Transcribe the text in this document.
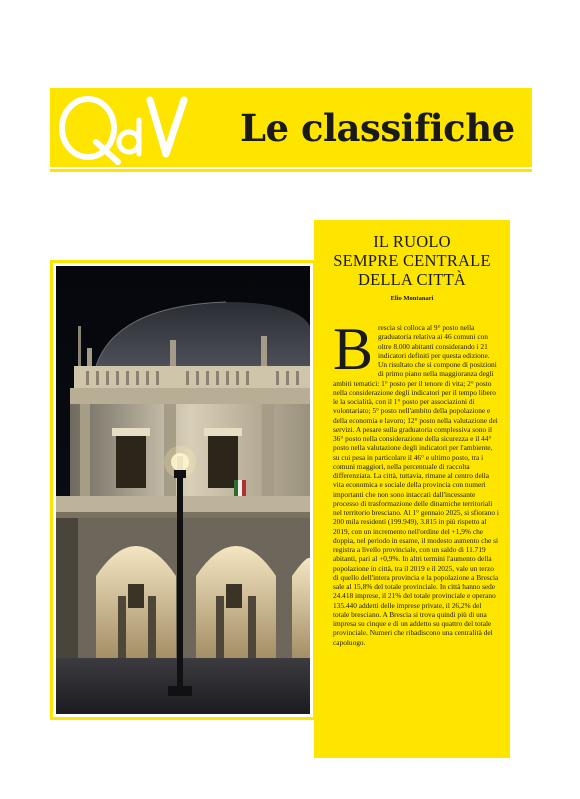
Le classifiche
IL RUOLO
SEMPRE CENTRALE
DELLA CITTÀ
Elio Montanari
B rescia si colloca al 9° posto nella graduatoria relativa ai 46 comuni con oltre 8.000 abitanti considerando i 21 indicatori definiti per questa edizione. Un risultato che si compone di posizioni di primo piano nella maggioranza degli ambiti tematici: 1° posto per il tenore di vita; 2° posto nella considerazione degli indicatori per il tempo libero le la socialità, con il 1° posto per associazioni di volontariato; 5° posto nell'ambito della popolazione e della economia e lavoro; 12° posto nella valutazione dei servizi. A pesare sulla graduatoria complessiva sono il 36° posto nella considerazione della sicurezza e il 44° posto nella valutazione degli indicatori per l'ambiente, su cui pesa in particolare il 46° e ultimo posto, tra i comuni maggiori, nella percentuale di raccolta differenziata. La città, tuttavia, rimane al centro della vita economica e sociale della provincia con numeri importanti che non sono intaccati dall'incessante processo di trasformazione delle dinamiche territoriali nel territorio bresciano. Al 1° gennaio 2025, si sfiorano i 200 mila residenti (199.949), 3.815 in più rispetto al 2019, con un incremento nell'ordine del +1,9% che doppia, nel periodo in esame, il modesto aumento che si registra a livello provinciale, con un saldo di 11.719 abitanti, pari al +0,9%. In altri termini l'aumento della popolazione in città, tra il 2019 e il 2025, vale un terzo di quello dell'intera provincia e la popolazione a Brescia sale al 15,8% del totale provinciale. In città hanno sede 24.418 imprese, il 21% del totale provinciale e operano 135.440 addetti delle imprese private, il 26,2% del totale bresciano. A Brescia si trova quindi più di una impresa su cinque e di un addetto su quattro del totale provinciale. Numeri che ribadiscono una centralità del capoluogo.
